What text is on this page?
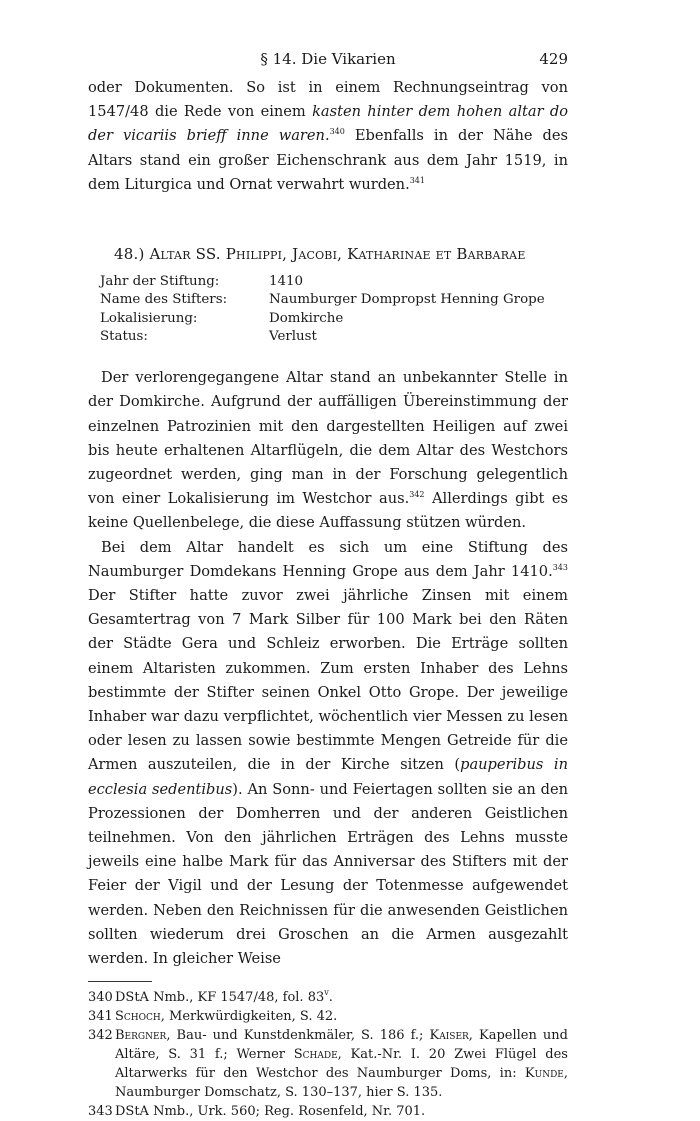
§ 14. Die Vikarien	429

oder Dokumenten. So ist in einem Rechnungseintrag von 1547/48 die Rede von einem kasten hinter dem hohen altar do der vicariis brieff inne waren.$^{340}$ Ebenfalls in der Nähe des Altars stand ein großer Eichenschrank aus dem Jahr 1519, in dem Liturgica und Ornat verwahrt wurden.$^{341}$

48.) Altar SS. Philippi, Jacobi, Katharinae et Barbarae
Jahr der Stiftung:	1410
Name des Stifters:	Naumburger Dompropst Henning Grope
Lokalisierung:	Domkirche
Status:	Verlust

Der verlorengegangene Altar stand an unbekannter Stelle in der Domkirche. Aufgrund der auffälligen Übereinstimmung der einzelnen Patrozinien mit den dargestellten Heiligen auf zwei bis heute erhaltenen Altarflügeln, die dem Altar des Westchors zugeordnet werden, ging man in der Forschung gelegentlich von einer Lokalisierung im Westchor aus.$^{342}$ Allerdings gibt es keine Quellenbelege, die diese Auffassung stützen würden.

Bei dem Altar handelt es sich um eine Stiftung des Naumburger Domdekans Henning Grope aus dem Jahr 1410.$^{343}$ Der Stifter hatte zuvor zwei jährliche Zinsen mit einem Gesamtertrag von 7 Mark Silber für 100 Mark bei den Räten der Städte Gera und Schleiz erworben. Die Erträge sollten einem Altaristen zukommen. Zum ersten Inhaber des Lehns bestimmte der Stifter seinen Onkel Otto Grope. Der jeweilige Inhaber war dazu verpflichtet, wöchentlich vier Messen zu lesen oder lesen zu lassen sowie bestimmte Mengen Getreide für die Armen auszuteilen, die in der Kirche sitzen (pauperibus in ecclesia sedentibus). An Sonn- und Feiertagen sollten sie an den Prozessionen der Domherren und der anderen Geistlichen teilnehmen. Von den jährlichen Erträgen des Lehns musste jeweils eine halbe Mark für das Anniversar des Stifters mit der Feier der Vigil und der Lesung der Totenmesse aufgewendet werden. Neben den Reichnissen für die anwesenden Geistlichen sollten wiederum drei Groschen an die Armen ausgezahlt werden. In gleicher Weise

340 DStA Nmb., KF 1547/48, fol. 83$^v$.
341 Schoch, Merkwürdigkeiten, S. 42.
342 Bergner, Bau- und Kunstdenkmäler, S. 186 f.; Kaiser, Kapellen und Altäre, S. 31 f.; Werner Schade, Kat.-Nr. I. 20 Zwei Flügel des Altarwerks für den Westchor des Naumburger Doms, in: Kunde, Naumburger Domschatz, S. 130–137, hier S. 135.
343 DStA Nmb., Urk. 560; Reg. Rosenfeld, Nr. 701.
